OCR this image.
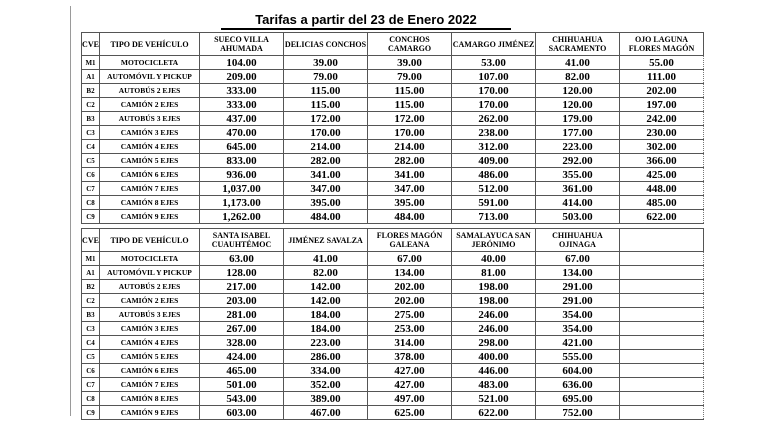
Tarifas a partir del 23 de Enero 2022
CVE	TIPO DE VEHÍCULO	SUECO VILLA AHUMADA	DELICIAS CONCHOS	CONCHOS CAMARGO	CAMARGO JIMÉNEZ	CHIHUAHUA SACRAMENTO	OJO LAGUNA FLORES MAGÓN
M1	MOTOCICLETA	104.00	39.00	39.00	53.00	41.00	55.00
A1	AUTOMÓVIL Y PICKUP	209.00	79.00	79.00	107.00	82.00	111.00
B2	AUTOBÚS 2 EJES	333.00	115.00	115.00	170.00	120.00	202.00
C2	CAMIÓN 2 EJES	333.00	115.00	115.00	170.00	120.00	197.00
B3	AUTOBÚS 3 EJES	437.00	172.00	172.00	262.00	179.00	242.00
C3	CAMIÓN 3 EJES	470.00	170.00	170.00	238.00	177.00	230.00
C4	CAMIÓN 4 EJES	645.00	214.00	214.00	312.00	223.00	302.00
C5	CAMIÓN 5 EJES	833.00	282.00	282.00	409.00	292.00	366.00
C6	CAMIÓN 6 EJES	936.00	341.00	341.00	486.00	355.00	425.00
C7	CAMIÓN 7 EJES	1,037.00	347.00	347.00	512.00	361.00	448.00
C8	CAMIÓN 8 EJES	1,173.00	395.00	395.00	591.00	414.00	485.00
C9	CAMIÓN 9 EJES	1,262.00	484.00	484.00	713.00	503.00	622.00
CVE	TIPO DE VEHÍCULO	SANTA ISABEL CUAUHTÉMOC	JIMÉNEZ SAVALZA	FLORES MAGÓN GALEANA	SAMALAYUCA SAN JERÓNIMO	CHIHUAHUA OJINAGA	
M1	MOTOCICLETA	63.00	41.00	67.00	40.00	67.00	
A1	AUTOMÓVIL Y PICKUP	128.00	82.00	134.00	81.00	134.00	
B2	AUTOBÚS 2 EJES	217.00	142.00	202.00	198.00	291.00	
C2	CAMIÓN 2 EJES	203.00	142.00	202.00	198.00	291.00	
B3	AUTOBÚS 3 EJES	281.00	184.00	275.00	246.00	354.00	
C3	CAMIÓN 3 EJES	267.00	184.00	253.00	246.00	354.00	
C4	CAMIÓN 4 EJES	328.00	223.00	314.00	298.00	421.00	
C5	CAMIÓN 5 EJES	424.00	286.00	378.00	400.00	555.00	
C6	CAMIÓN 6 EJES	465.00	334.00	427.00	446.00	604.00	
C7	CAMIÓN 7 EJES	501.00	352.00	427.00	483.00	636.00	
C8	CAMIÓN 8 EJES	543.00	389.00	497.00	521.00	695.00	
C9	CAMIÓN 9 EJES	603.00	467.00	625.00	622.00	752.00	
